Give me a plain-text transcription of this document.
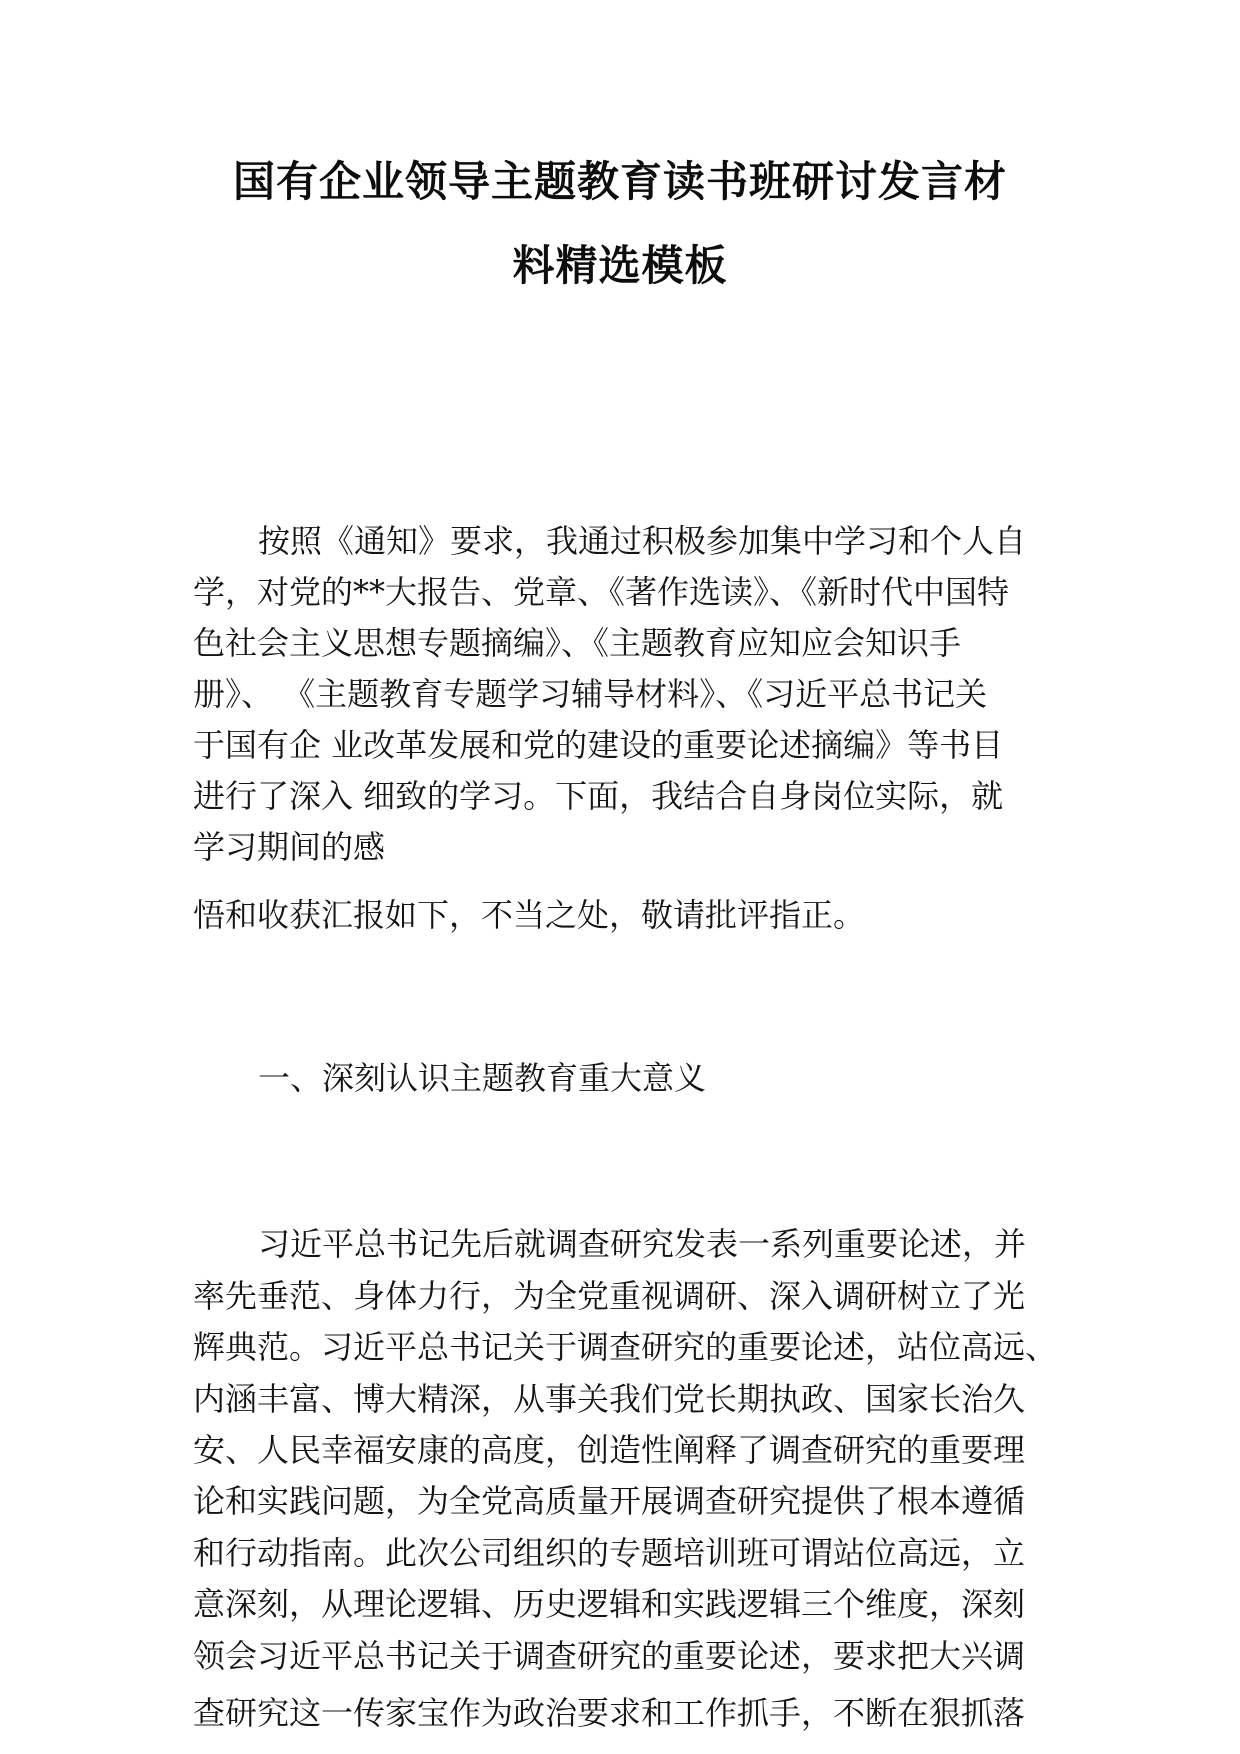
国有企业领导主题教育读书班研讨发言材
料精选模板
按照《通知》要求，我通过积极参加集中学习和个人自
学，对党的**大报告、党章、《著作选读》、《新时代中国特
色社会主义思想专题摘编》、《主题教育应知应会知识手
册》、 《主题教育专题学习辅导材料》、《习近平总书记关
于国有企 业改革发展和党的建设的重要论述摘编》等书目
进行了深入 细致的学习。下面，我结合自身岗位实际，就
学习期间的感
悟和收获汇报如下，不当之处，敬请批评指正。
一、深刻认识主题教育重大意义
习近平总书记先后就调查研究发表一系列重要论述，并
率先垂范、身体力行，为全党重视调研、深入调研树立了光
辉典范。习近平总书记关于调查研究的重要论述，站位高远、
内涵丰富、博大精深，从事关我们党长期执政、国家长治久
安、人民幸福安康的高度，创造性阐释了调查研究的重要理
论和实践问题，为全党高质量开展调查研究提供了根本遵循
和行动指南。此次公司组织的专题培训班可谓站位高远，立
意深刻，从理论逻辑、历史逻辑和实践逻辑三个维度，深刻
领会习近平总书记关于调查研究的重要论述，要求把大兴调
查研究这一传家宝作为政治要求和工作抓手，不断在狠抓落
